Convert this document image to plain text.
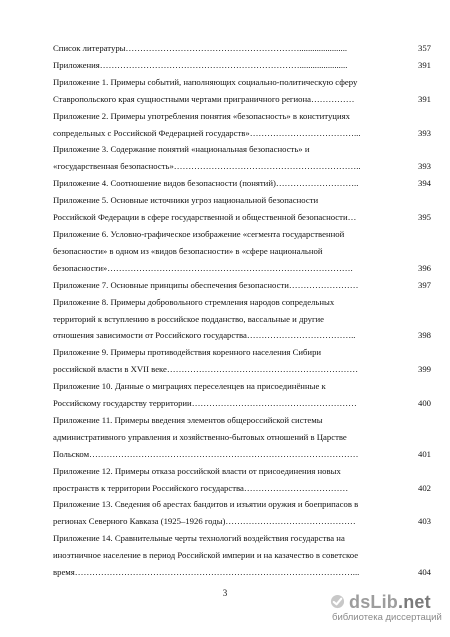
Список литературы……………………………………………………......................	357
Приложения……………………………………………………………......................	391
Приложение 1. Примеры событий, наполняющих социально-политическую сферу
Ставропольского края сущностными чертами приграничного региона……………	391
Приложение 2. Примеры употребления понятия «безопасность» в конституциях
сопредельных с Российской Федерацией государств»………………………………...	393
Приложение 3. Содержание понятий «национальная безопасность» и
«государственная безопасность»………………………………………………………..	393
Приложение 4. Соотношение видов безопасности (понятий)………………………..	394
Приложение 5. Основные источники угроз национальной безопасности
Российской Федерации в сфере государственной и общественной безопасности…	395
Приложение 6. Условно-графическое изображение «сегмента государственной
безопасности» в одном из «видов безопасности» в «сфере национальной
безопасности»………………………………………………………………………….	396
Приложение 7. Основные принципы обеспечения безопасности……………………	397
Приложение 8. Примеры добровольного стремления народов сопредельных
территорий к вступлению в российское подданство, вассальные и другие
отношения зависимости от Российского государства………………………………..	398
Приложение 9. Примеры противодействия коренного населения Сибири
российской власти в XVII веке…………………………………………………………	399
Приложение 10. Данные о миграциях переселенцев на присоединённые к
Российскому государству территории…………………………………………………	400
Приложение 11. Примеры введения элементов общероссийской системы
административного управления и хозяйственно-бытовых отношений в Царстве
Польском…………………………………………………………………………………	401
Приложение 12. Примеры отказа российской власти от присоединения новых
пространств к территории Российского государства………………………………	402
Приложение 13. Сведения об арестах бандитов и изъятии оружия и боеприпасов в
регионах Северного Кавказа (1925–1926 годы)………………………………………	403
Приложение 14. Сравнительные черты технологий воздействия государства на
иноэтничное население в период Российской империи и на казачество в советское
время……………………………………………………………………………………...	404
3	dsLib.net
библиотека диссертаций
